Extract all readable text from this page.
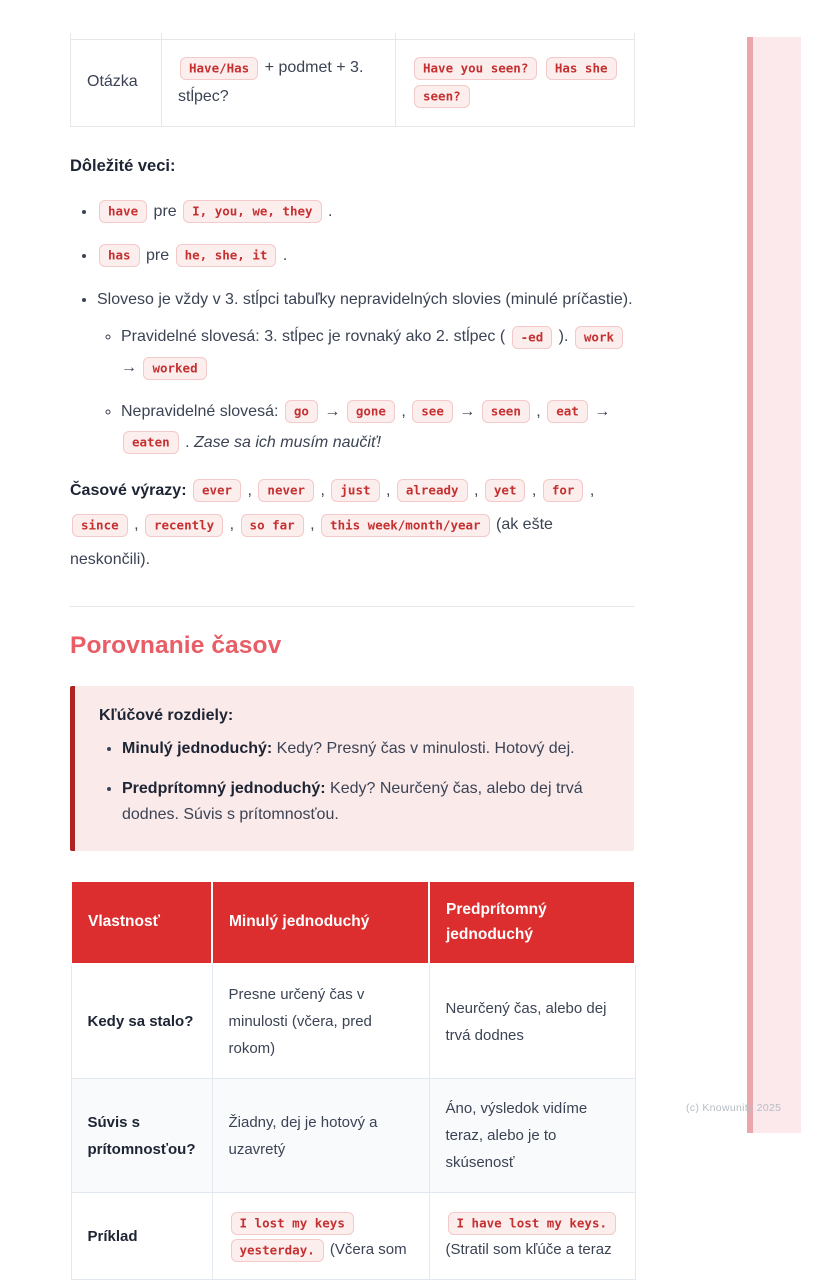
Otázka	Have/Has + podmet + 3. stĺpec?	Have you seen? Has she seen?
Dôležité veci:
• have pre I, you, we, they .
• has pre he, she, it .
• Sloveso je vždy v 3. stĺpci tabuľky nepravidelných slovies (minulé príčastie).
◦ Pravidelné slovesá: 3. stĺpec je rovnaký ako 2. stĺpec ( -ed ). work → worked
◦ Nepravidelné slovesá: go → gone , see → seen , eat → eaten . Zase sa ich musím naučiť!

Časové výrazy: ever , never , just , already , yet , for , since , recently , so far , this week/month/year (ak ešte neskončili).

Porovnanie časov

Kľúčové rozdiely:

• Minulý jednoduchý: Kedy? Presný čas v minulosti. Hotový dej.
• Predprítomný jednoduchý: Kedy? Neurčený čas, alebo dej trvá dodnes. Súvis s prítomnosťou.
Vlastnosť	Minulý jednoduchý	Predprítomný jednoduchý
Kedy sa stalo?	Presne určený čas v minulosti (včera, pred rokom)	Neurčený čas, alebo dej trvá dodnes
Súvis s prítomnosťou?	Žiadny, dej je hotový a uzavretý	Áno, výsledok vidíme teraz, alebo je to skúsenosť
Príklad	I lost my keys yesterday. (Včera som	I have lost my keys. (Stratil som kľúče a teraz
(c) Knowunity 2025
